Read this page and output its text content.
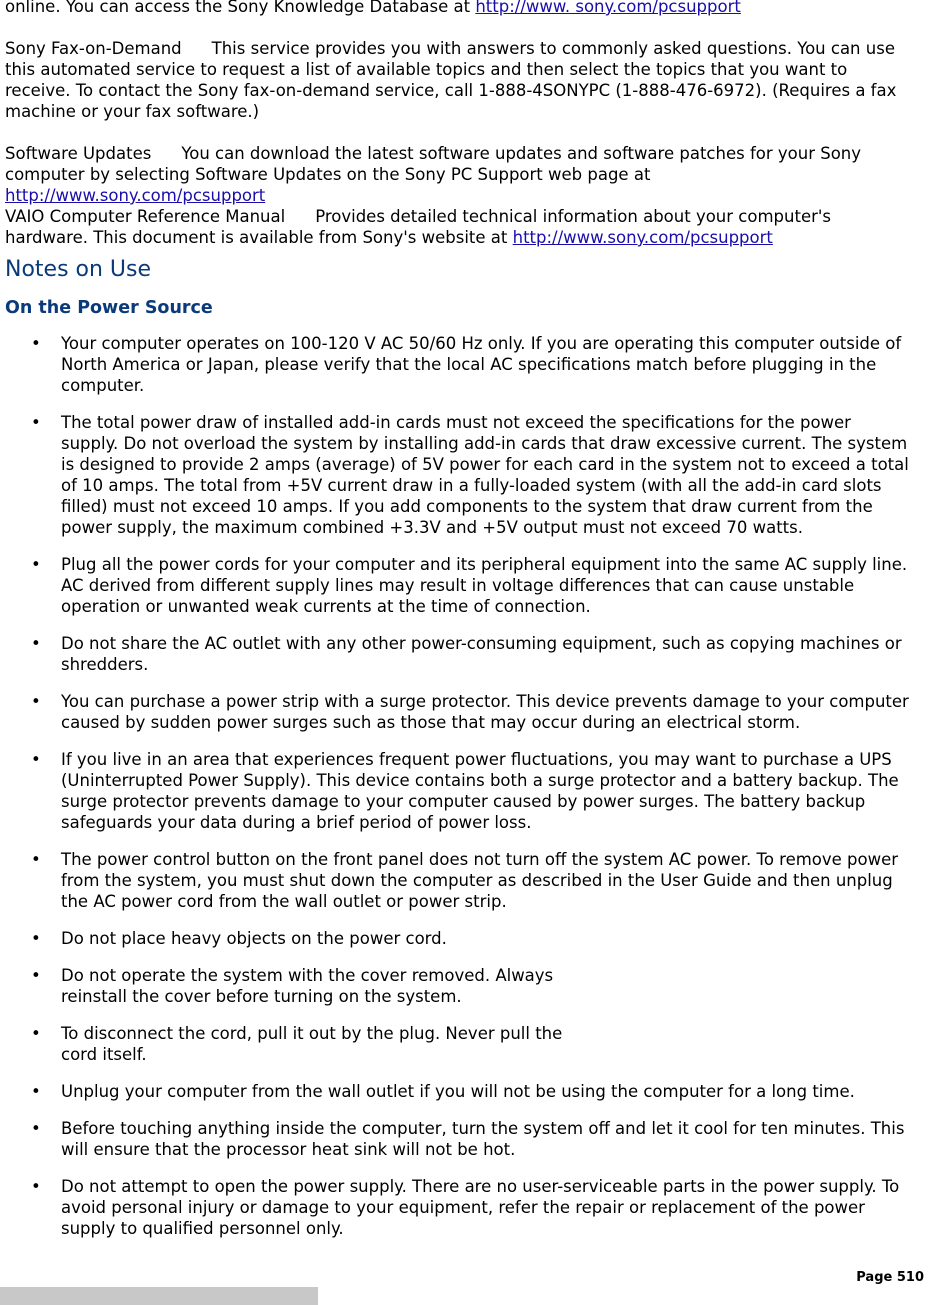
online. You can access the Sony Knowledge Database at http://www. sony.com/pcsupport

Sony Fax-on-Demand This service provides you with answers to commonly asked questions. You can use this automated service to request a list of available topics and then select the topics that you want to receive. To contact the Sony fax-on-demand service, call 1-888-4SONYPC (1-888-476-6972). (Requires a fax machine or your fax software.)

Software Updates You can download the latest software updates and software patches for your Sony computer by selecting Software Updates on the Sony PC Support web page at
http://www.sony.com/pcsupport

VAIO Computer Reference Manual Provides detailed technical information about your computer's hardware. This document is available from Sony's website at http://www.sony.com/pcsupport

Notes on Use
On the Power Source
• Your computer operates on 100-120 V AC 50/60 Hz only. If you are operating this computer outside of North America or Japan, please verify that the local AC specifications match before plugging in the computer.
• The total power draw of installed add-in cards must not exceed the specifications for the power supply. Do not overload the system by installing add-in cards that draw excessive current. The system is designed to provide 2 amps (average) of 5V power for each card in the system not to exceed a total of 10 amps. The total from +5V current draw in a fully-loaded system (with all the add-in card slots filled) must not exceed 10 amps. If you add components to the system that draw current from the power supply, the maximum combined +3.3V and +5V output must not exceed 70 watts.
• Plug all the power cords for your computer and its peripheral equipment into the same AC supply line. AC derived from different supply lines may result in voltage differences that can cause unstable operation or unwanted weak currents at the time of connection.
• Do not share the AC outlet with any other power-consuming equipment, such as copying machines or shredders.
• You can purchase a power strip with a surge protector. This device prevents damage to your computer caused by sudden power surges such as those that may occur during an electrical storm.
• If you live in an area that experiences frequent power fluctuations, you may want to purchase a UPS (Uninterrupted Power Supply). This device contains both a surge protector and a battery backup. The surge protector prevents damage to your computer caused by power surges. The battery backup safeguards your data during a brief period of power loss.
• The power control button on the front panel does not turn off the system AC power. To remove power from the system, you must shut down the computer as described in the User Guide and then unplug the AC power cord from the wall outlet or power strip.
• Do not place heavy objects on the power cord.
• Do not operate the system with the cover removed. Always reinstall the cover before turning on the system.
• To disconnect the cord, pull it out by the plug. Never pull the cord itself.
• Unplug your computer from the wall outlet if you will not be using the computer for a long time.
• Before touching anything inside the computer, turn the system off and let it cool for ten minutes. This will ensure that the processor heat sink will not be hot.
• Do not attempt to open the power supply. There are no user-serviceable parts in the power supply. To avoid personal injury or damage to your equipment, refer the repair or replacement of the power supply to qualified personnel only.
Page 510
